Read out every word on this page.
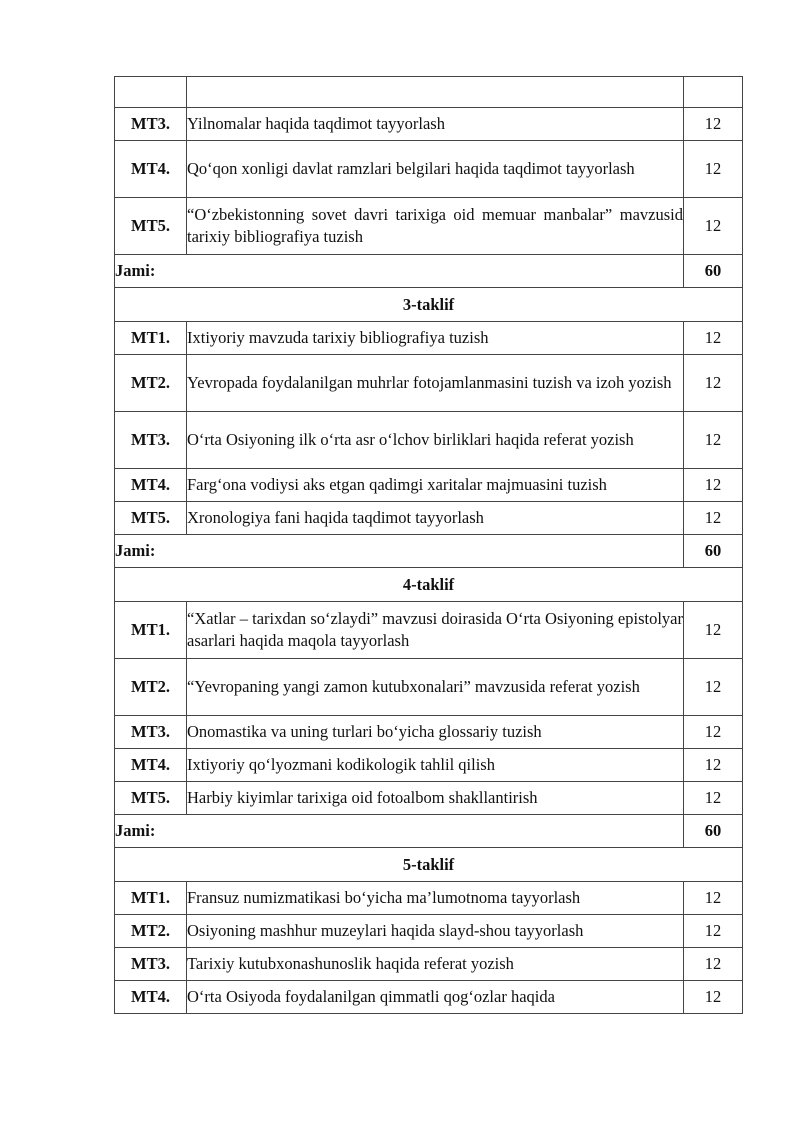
MT3.	Yilnomalar haqida taqdimot tayyorlash	12
MT4.	Qo‘qon xonligi davlat ramzlari belgilari haqida taqdimot tayyorlash	12
MT5.	“O‘zbekistonning sovet davri tarixiga oid memuar manbalar” mavzusid tarixiy bibliografiya tuzish	12
Jami:		60
3-taklif		
MT1.	Ixtiyoriy mavzuda tarixiy bibliografiya tuzish	12
MT2.	Yevropada foydalanilgan muhrlar fotojamlanmasini tuzish va izoh yozish	12
MT3.	O‘rta Osiyoning ilk o‘rta asr o‘lchov birliklari haqida referat yozish	12
MT4.	Farg‘ona vodiysi aks etgan qadimgi xaritalar majmuasini tuzish	12
MT5.	Xronologiya fani haqida taqdimot tayyorlash	12
Jami:		60
4-taklif		
MT1.	“Xatlar – tarixdan so‘zlaydi” mavzusi doirasida O‘rta Osiyoning epistolyar asarlari haqida maqola tayyorlash	12
MT2.	“Yevropaning yangi zamon kutubxonalari” mavzusida referat yozish	12
MT3.	Onomastika va uning turlari bo‘yicha glossariy tuzish	12
MT4.	Ixtiyoriy qo‘lyozmani kodikologik tahlil qilish	12
MT5.	Harbiy kiyimlar tarixiga oid fotoalbom shakllantirish	12
Jami:		60
5-taklif		
MT1.	Fransuz numizmatikasi bo‘yicha ma’lumotnoma tayyorlash	12
MT2.	Osiyoning mashhur muzeylari haqida slayd-shou tayyorlash	12
MT3.	Tarixiy kutubxonashunoslik haqida referat yozish	12
MT4.	O‘rta Osiyoda foydalanilgan qimmatli qog‘ozlar haqida	12
